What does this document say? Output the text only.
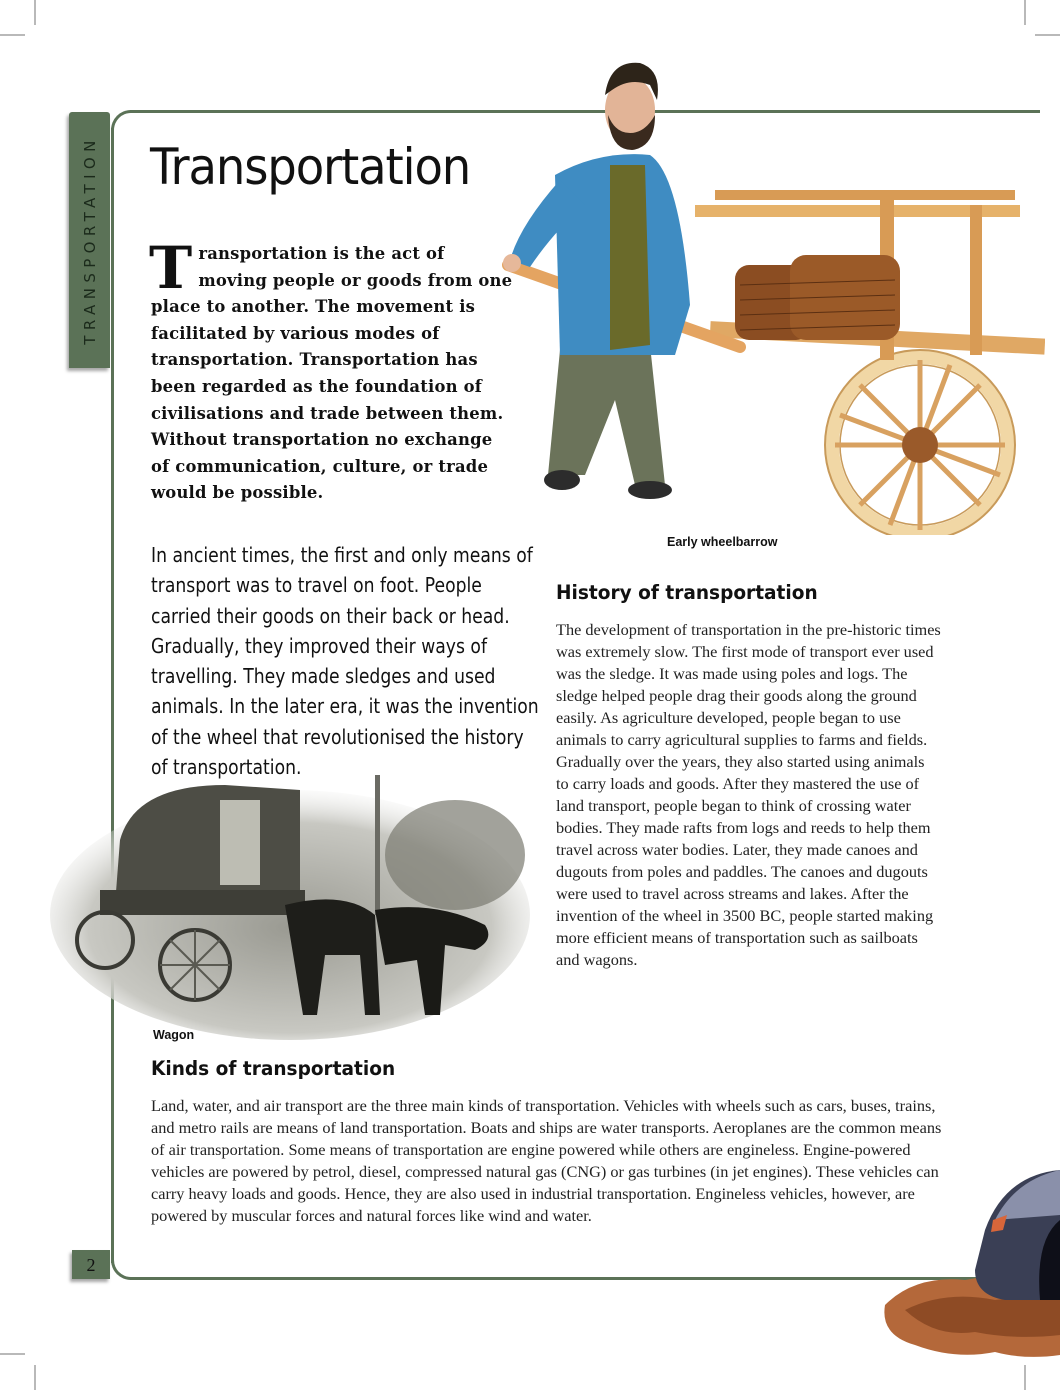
TRANSPORTATION
2
Transportation
Early wheelbarrow

Transportation is the act of moving people or goods from one place to another. The movement is facilitated by various modes of transportation. Transportation has been regarded as the foundation of civilisations and trade between them. Without transportation no exchange of communication, culture, or trade would be possible.

In ancient times, the first and only means of transport was to travel on foot. People carried their goods on their back or head. Gradually, they improved their ways of travelling. They made sledges and used animals. In the later era, it was the invention of the wheel that revolutionised the history of transportation.

History of transportation

The development of transportation in the pre-historic times was extremely slow. The first mode of transport ever used was the sledge. It was made using poles and logs. The sledge helped people drag their goods along the ground easily. As agriculture developed, people began to use animals to carry agricultural supplies to farms and fields. Gradually over the years, they also started using animals to carry loads and goods. After they mastered the use of land transport, people began to think of crossing water bodies. They made rafts from logs and reeds to help them travel across water bodies. Later, they made canoes and dugouts from poles and paddles. The canoes and dugouts were used to travel across streams and lakes. After the invention of the wheel in 3500 BC, people started making more efficient means of transportation such as sailboats and wagons.

Wagon
Kinds of transportation

Land, water, and air transport are the three main kinds of transportation. Vehicles with wheels such as cars, buses, trains, and metro rails are means of land transportation. Boats and ships are water transports. Aeroplanes are the common means of air transportation. Some means of transportation are engine powered while others are engineless. Engine-powered vehicles are powered by petrol, diesel, compressed natural gas (CNG) or gas turbines (in jet engines). These vehicles can carry heavy loads and goods. Hence, they are also used in industrial transportation. Engineless vehicles, however, are powered by muscular forces and natural forces like wind and water.
